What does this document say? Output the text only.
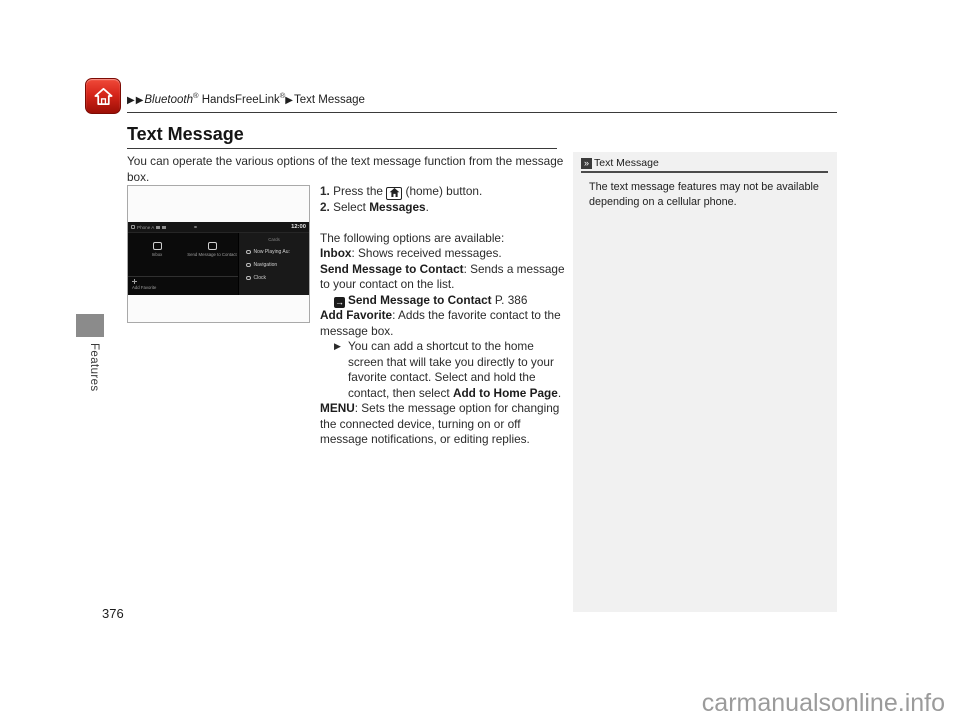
▶▶Bluetooth® HandsFreeLink®▶Text Message
Text Message

You can operate the various options of the text message function from the message box.

Phone A	12:00
Inbox	Send Message to Contact
Add Favorite
Cards
Now Playing Au:
Navigation
Clock

1. Press the  (home) button.

2. Select Messages.

The following options are available:

Inbox: Shows received messages.

Send Message to Contact: Sends a message to your contact on the list.

→ Send Message to Contact P. 386

Add Favorite: Adds the favorite contact to the message box.

▶ You can add a shortcut to the home screen that will take you directly to your favorite contact. Select and hold the contact, then select Add to Home Page.

MENU: Sets the message option for changing the connected device, turning on or off message notifications, or editing replies.

» Text Message

The text message features may not be available depending on a cellular phone.

Features
376
carmanualsonline.info
